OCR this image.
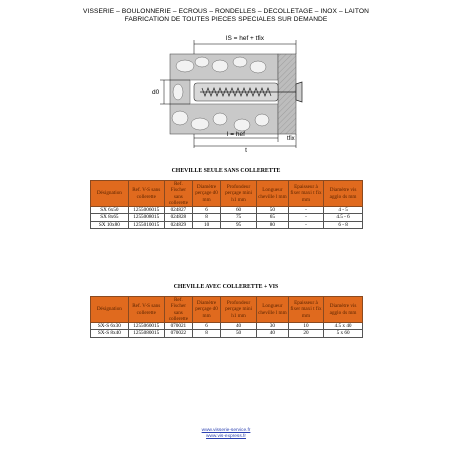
VISSERIE – BOULONNERIE – ECROUS – RONDELLES – DECOLLETAGE – INOX – LAITON
FABRICATION DE TOUTES PIECES SPECIALES SUR DEMANDE
lS = hef + tfix
d0
l = hef
tfix
t
CHEVILLE SEULE SANS COLLERETTE
Désignation	Ref. V-S sans collerette	Ref. Fischer sans collerette	Diamètre perçage d0 mm	Profondeur perçage mini h1 mm	Longueur cheville l mm	Epaisseur à fixer maxi t fix mm	Diamètre vis agglo ds mm
SX 6x50	1255006015	024827	6	60	50	-	4 - 5
SX 8x65	1255008015	024828	8	75	65	-	4.5 - 6
SX 10x80	1255010015	024829	10	95	80	-	6 - 8
CHEVILLE AVEC COLLERETTE + VIS
Désignation	Ref. V-S sans collerette	Ref. Fischer sans collerette	Diamètre perçage d0 mm	Profondeur perçage mini h1 mm	Longueur cheville l mm	Epaisseur à fixer maxi t fix mm	Diamètre vis agglo ds mm
SX-S 6x30	1255060015	070021	6	40	30	10	4.5 x 40
SX-S 8x40	1255080015	070022	8	50	40	20	5 x 60
www.visserie-service.fr
www.vis-express.fr
